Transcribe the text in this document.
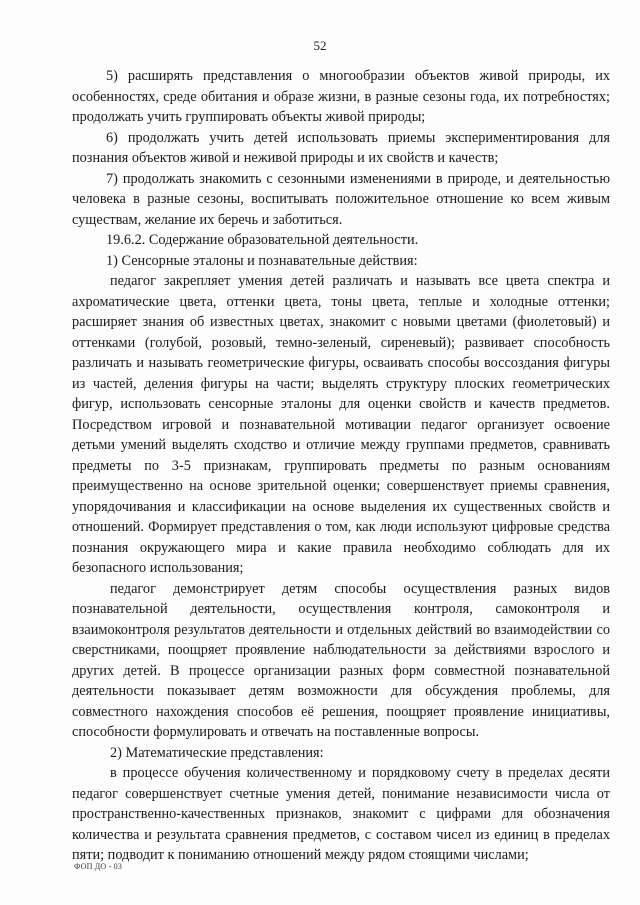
52

5) расширять представления о многообразии объектов живой природы, их особенностях, среде обитания и образе жизни, в разные сезоны года, их потребностях; продолжать учить группировать объекты живой природы;

6) продолжать учить детей использовать приемы экспериментирования для познания объектов живой и неживой природы и их свойств и качеств;

7) продолжать знакомить с сезонными изменениями в природе, и деятельностью человека в разные сезоны, воспитывать положительное отношение ко всем живым существам, желание их беречь и заботиться.

19.6.2. Содержание образовательной деятельности.

1) Сенсорные эталоны и познавательные действия:

педагог закрепляет умения детей различать и называть все цвета спектра и ахроматические цвета, оттенки цвета, тоны цвета, теплые и холодные оттенки; расширяет знания об известных цветах, знакомит с новыми цветами (фиолетовый) и оттенками (голубой, розовый, темно-зеленый, сиреневый); развивает способность различать и называть геометрические фигуры, осваивать способы воссоздания фигуры из частей, деления фигуры на части; выделять структуру плоских геометрических фигур, использовать сенсорные эталоны для оценки свойств и качеств предметов. Посредством игровой и познавательной мотивации педагог организует освоение детьми умений выделять сходство и отличие между группами предметов, сравнивать предметы по 3-5 признакам, группировать предметы по разным основаниям преимущественно на основе зрительной оценки; совершенствует приемы сравнения, упорядочивания и классификации на основе выделения их существенных свойств и отношений. Формирует представления о том, как люди используют цифровые средства познания окружающего мира и какие правила необходимо соблюдать для их безопасного использования;

педагог демонстрирует детям способы осуществления разных видов познавательной деятельности, осуществления контроля, самоконтроля и взаимоконтроля результатов деятельности и отдельных действий во взаимодействии со сверстниками, поощряет проявление наблюдательности за действиями взрослого и других детей. В процессе организации разных форм совместной познавательной деятельности показывает детям возможности для обсуждения проблемы, для совместного нахождения способов её решения, поощряет проявление инициативы, способности формулировать и отвечать на поставленные вопросы.

2) Математические представления:

в процессе обучения количественному и порядковому счету в пределах десяти педагог совершенствует счетные умения детей, понимание независимости числа от пространственно-качественных признаков, знакомит с цифрами для обозначения количества и результата сравнения предметов, с составом чисел из единиц в пределах пяти; подводит к пониманию отношений между рядом стоящими числами;

ФОП ДО - 03
